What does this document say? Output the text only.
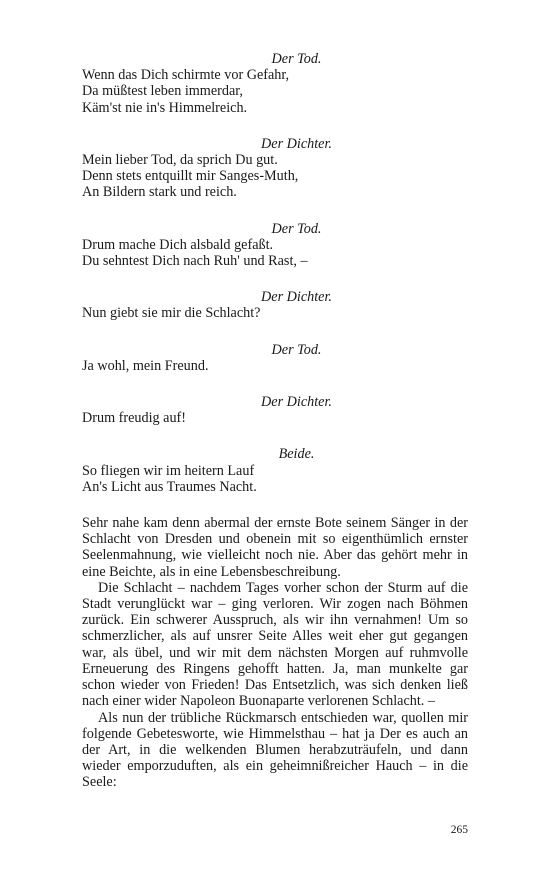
Der Tod.

Wenn das Dich schirmte vor Gefahr,

Da müßtest leben immerdar,

Käm'st nie in's Himmelreich.

Der Dichter.

Mein lieber Tod, da sprich Du gut.

Denn stets entquillt mir Sanges-Muth,

An Bildern stark und reich.

Der Tod.

Drum mache Dich alsbald gefaßt.

Du sehntest Dich nach Ruh' und Rast, –

Der Dichter.

Nun giebt sie mir die Schlacht?

Der Tod.

Ja wohl, mein Freund.

Der Dichter.

Drum freudig auf!

Beide.

So fliegen wir im heitern Lauf

An's Licht aus Traumes Nacht.

Sehr nahe kam denn abermal der ernste Bote seinem Sänger in der Schlacht von Dresden und obenein mit so eigenthümlich ernster Seelenmahnung, wie vielleicht noch nie. Aber das gehört mehr in eine Beichte, als in eine Lebensbeschreibung.

Die Schlacht – nachdem Tages vorher schon der Sturm auf die Stadt verunglückt war – ging verloren. Wir zogen nach Böhmen zurück. Ein schwerer Ausspruch, als wir ihn vernahmen! Um so schmerzlicher, als auf unsrer Seite Alles weit eher gut gegangen war, als übel, und wir mit dem nächsten Morgen auf ruhmvolle Erneuerung des Ringens gehofft hatten. Ja, man munkelte gar schon wieder von Frieden! Das Entsetzlich, was sich denken ließ nach einer wider Napoleon Buonaparte verlorenen Schlacht. –

Als nun der trübliche Rückmarsch entschieden war, quollen mir folgende Gebetesworte, wie Himmelsthau – hat ja Der es auch an der Art, in die welkenden Blumen herabzuträufeln, und dann wieder emporzuduften, als ein geheimnißreicher Hauch – in die Seele:

265
